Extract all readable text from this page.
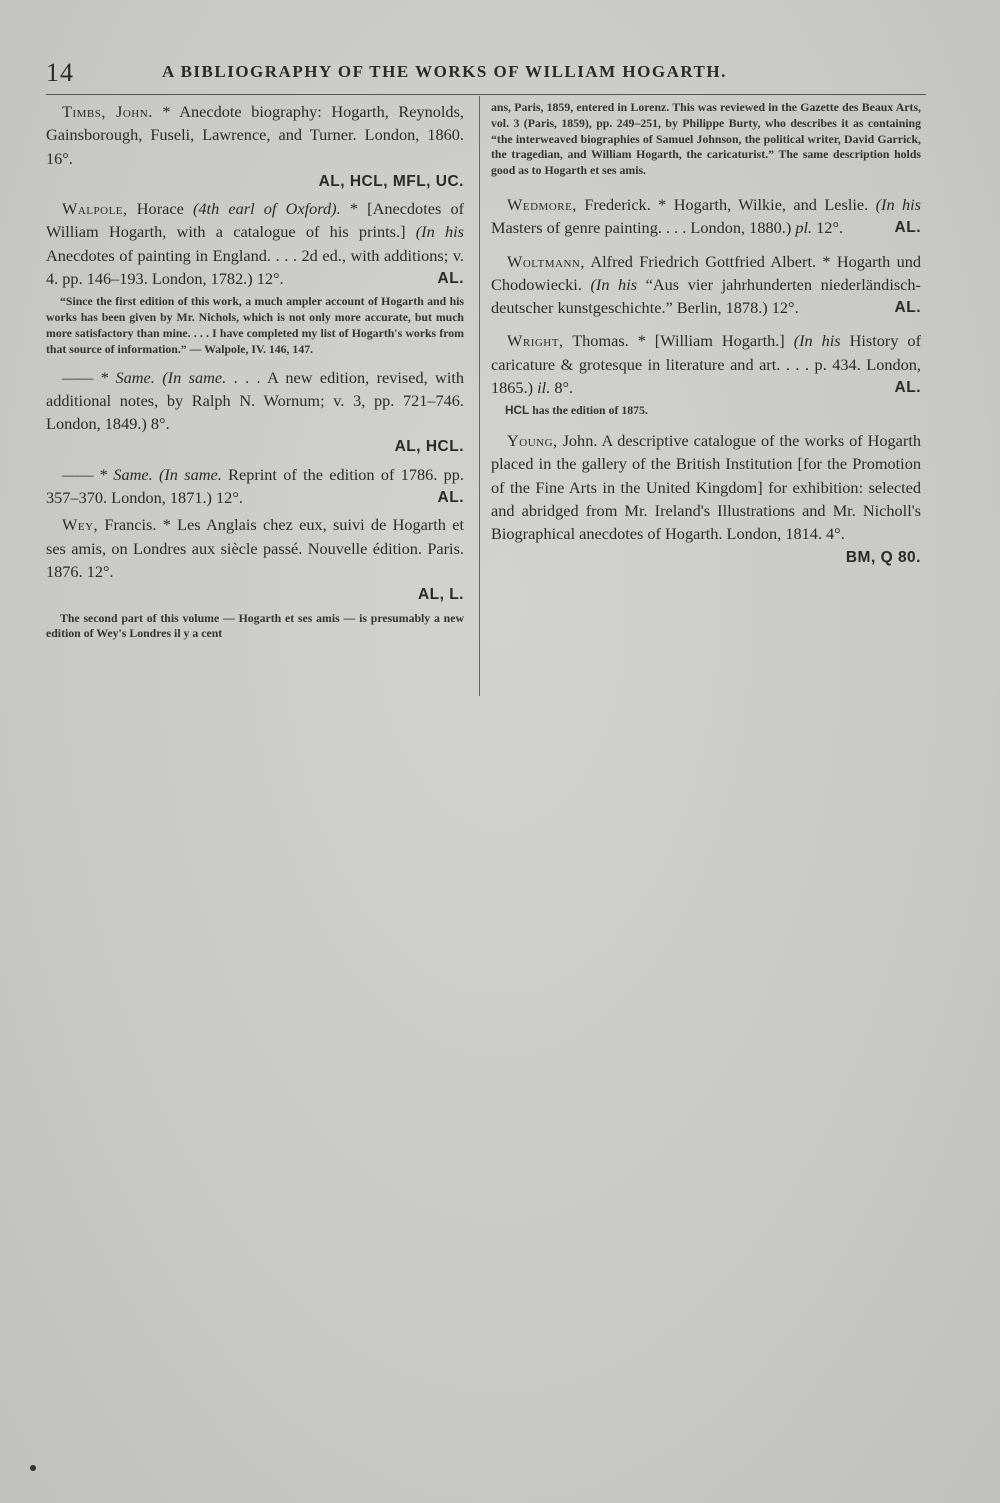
14	A BIBLIOGRAPHY OF THE WORKS OF WILLIAM HOGARTH.

Timbs, John. * Anecdote biography: Hogarth, Reynolds, Gainsborough, Fuseli, Lawrence, and Turner. London, 1860. 16°.
AL, HCL, MFL, UC.

Walpole, Horace (4th earl of Oxford). * [Anecdotes of William Hogarth, with a catalogue of his prints.] (In his Anecdotes of painting in England. . . . 2d ed., with additions; v. 4. pp. 146–193. London, 1782.) 12°.	AL.

“Since the first edition of this work, a much ampler account of Hogarth and his works has been given by Mr. Nichols, which is not only more accurate, but much more satisfactory than mine. . . . I have completed my list of Hogarth's works from that source of information.” — Walpole, IV. 146, 147.

—— * Same. (In same. . . . A new edition, revised, with additional notes, by Ralph N. Wornum; v. 3, pp. 721–746. London, 1849.) 8°.
AL, HCL.

—— * Same. (In same. Reprint of the edition of 1786. pp. 357–370. London, 1871.) 12°.	AL.

Wey, Francis. * Les Anglais chez eux, suivi de Hogarth et ses amis, on Londres aux siècle passé. Nouvelle édition. Paris. 1876. 12°.
AL, L.

The second part of this volume — Hogarth et ses amis — is presumably a new edition of Wey's Londres il y a cent

ans, Paris, 1859, entered in Lorenz. This was reviewed in the Gazette des Beaux Arts, vol. 3 (Paris, 1859), pp. 249–251, by Philippe Burty, who describes it as containing “the interweaved biographies of Samuel Johnson, the political writer, David Garrick, the tragedian, and William Hogarth, the caricaturist.” The same description holds good as to Hogarth et ses amis.

Wedmore, Frederick. * Hogarth, Wilkie, and Leslie. (In his Masters of genre painting. . . . London, 1880.) pl. 12°.	AL.

Woltmann, Alfred Friedrich Gottfried Albert. * Hogarth und Chodowiecki. (In his “Aus vier jahrhunderten niederländisch-deutscher kunstgeschichte.” Berlin, 1878.) 12°.	AL.

Wright, Thomas. * [William Hogarth.] (In his History of caricature & grotesque in literature and art. . . . p. 434. London, 1865.) il. 8°.	AL.

HCL has the edition of 1875.

Young, John. A descriptive catalogue of the works of Hogarth placed in the gallery of the British Institution [for the Promotion of the Fine Arts in the United Kingdom] for exhibition: selected and abridged from Mr. Ireland's Illustrations and Mr. Nicholl's Biographical anecdotes of Hogarth. London, 1814. 4°.
BM, Q 80.
